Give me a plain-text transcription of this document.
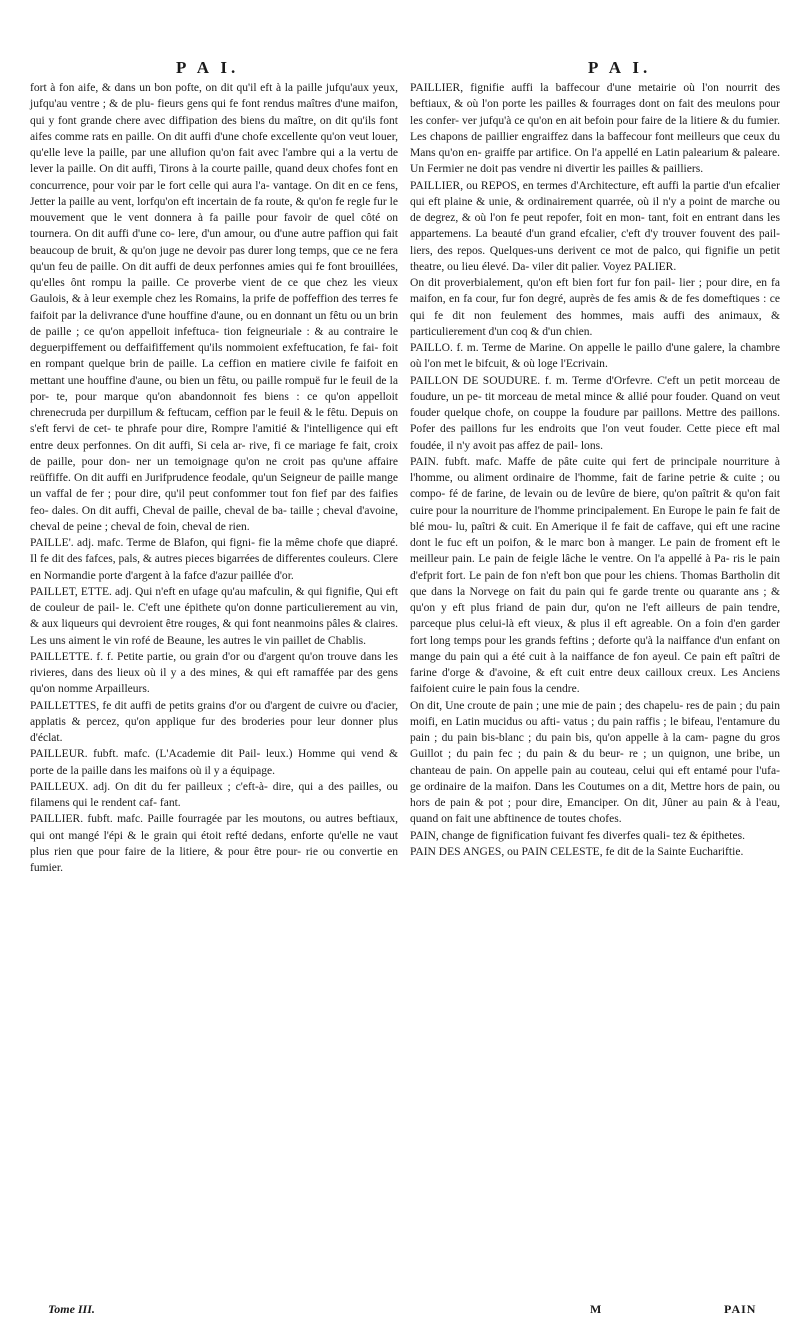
P A I.	P A I.

fort à fon aife, & dans un bon pofte, on dit qu'il eft à la paille jufqu'aux yeux, jufqu'au ventre ; & de plu- fieurs gens qui fe font rendus maîtres d'une maifon, qui y font grande chere avec diffipation des biens du maître, on dit qu'ils font aifes comme rats en paille. On dit auffi d'une chofe excellente qu'on veut louer, qu'elle leve la paille, par une allufion qu'on fait avec l'ambre qui a la vertu de lever la paille. On dit auffi, Tirons à la courte paille, quand deux chofes font en concurrence, pour voir par le fort celle qui aura l'a- vantage. On dit en ce fens, Jetter la paille au vent, lorfqu'on eft incertain de fa route, & qu'on fe regle fur le mouvement que le vent donnera à fa paille pour favoir de quel côté on tournera. On dit auffi d'une co- lere, d'un amour, ou d'une autre paffion qui fait beaucoup de bruit, & qu'on juge ne devoir pas durer long temps, que ce ne fera qu'un feu de paille. On dit auffi de deux perfonnes amies qui fe font brouillées, qu'elles ônt rompu la paille. Ce proverbe vient de ce que chez les vieux Gaulois, & à leur exemple chez les Romains, la prife de poffeffion des terres fe faifoit par la delivrance d'une houffine d'aune, ou en donnant un fêtu ou un brin de paille ; ce qu'on appelloit infeftuca- tion feigneuriale : & au contraire le deguerpiffement ou deffaififfement qu'ils nommoient exfeftucation, fe fai- foit en rompant quelque brin de paille. La ceffion en matiere civile fe faifoit en mettant une houffine d'aune, ou bien un fêtu, ou paille rompuë fur le feuil de la por- te, pour marque qu'on abandonnoit fes biens : ce qu'on appelloit chrenecruda per durpillum & feftucam, ceffion par le feuil & le fêtu. Depuis on s'eft fervi de cet- te phrafe pour dire, Rompre l'amitié & l'intelligence qui eft entre deux perfonnes. On dit auffi, Si cela ar- rive, fi ce mariage fe fait, croix de paille, pour don- ner un temoignage qu'on ne croit pas qu'une affaire reüffiffe. On dit auffi en Jurifprudence feodale, qu'un Seigneur de paille mange un vaffal de fer ; pour dire, qu'il peut confommer tout fon fief par des faifies feo- dales. On dit auffi, Cheval de paille, cheval de ba- taille ; cheval d'avoine, cheval de peine ; cheval de foin, cheval de rien.

PAILLE'. adj. mafc. Terme de Blafon, qui figni- fie la même chofe que diapré. Il fe dit des fafces, pals, & autres pieces bigarrées de differentes couleurs. Clere en Normandie porte d'argent à la fafce d'azur paillée d'or.

PAILLET, ETTE. adj. Qui n'eft en ufage qu'au mafculin, & qui fignifie, Qui eft de couleur de pail- le. C'eft une épithete qu'on donne particulierement au vin, & aux liqueurs qui devroient être rouges, & qui font neanmoins pâles & claires. Les uns aiment le vin rofé de Beaune, les autres le vin paillet de Chablis.

PAILLETTE. f. f. Petite partie, ou grain d'or ou d'argent qu'on trouve dans les rivieres, dans des lieux où il y a des mines, & qui eft ramaffée par des gens qu'on nomme Arpailleurs.

PAILLETTES, fe dit auffi de petits grains d'or ou d'argent de cuivre ou d'acier, applatis & percez, qu'on applique fur des broderies pour leur donner plus d'éclat.

PAILLEUR. fubft. mafc. (L'Academie dit Pail- leux.) Homme qui vend & porte de la paille dans les maifons où il y a équipage.

PAILLEUX. adj. On dit du fer pailleux ; c'eft-à- dire, qui a des pailles, ou filamens qui le rendent caf- fant.

PAILLIER. fubft. mafc. Paille fourragée par les moutons, ou autres beftiaux, qui ont mangé l'épi & le grain qui étoit refté dedans, enforte qu'elle ne vaut plus rien que pour faire de la litiere, & pour être pour- rie ou convertie en fumier.

PAILLIER, fignifie auffi la baffecour d'une metairie où l'on nourrit des beftiaux, & où l'on porte les pailles & fourrages dont on fait des meulons pour les confer- ver jufqu'à ce qu'on en ait befoin pour faire de la litiere & du fumier. Les chapons de paillier engraiffez dans la baffecour font meilleurs que ceux du Mans qu'on en- graiffe par artifice. On l'a appellé en Latin palearium & paleare. Un Fermier ne doit pas vendre ni divertir les pailles & pailliers.

PAILLIER, ou REPOS, en termes d'Architecture, eft auffi la partie d'un efcalier qui eft plaine & unie, & ordinairement quarrée, où il n'y a point de marche ou de degrez, & où l'on fe peut repofer, foit en mon- tant, foit en entrant dans les appartemens. La beauté d'un grand efcalier, c'eft d'y trouver fouvent des pail- liers, des repos. Quelques-uns derivent ce mot de palco, qui fignifie un petit theatre, ou lieu élevé. Da- viler dit palier. Voyez PALIER.

On dit proverbialement, qu'on eft bien fort fur fon pail- lier ; pour dire, en fa maifon, en fa cour, fur fon degré, auprès de fes amis & de fes domeftiques : ce qui fe dit non feulement des hommes, mais auffi des animaux, & particulierement d'un coq & d'un chien.

PAILLO. f. m. Terme de Marine. On appelle le paillo d'une galere, la chambre où l'on met le bifcuit, & où loge l'Ecrivain.

PAILLON DE SOUDURE. f. m. Terme d'Orfevre. C'eft un petit morceau de foudure, un pe- tit morceau de metal mince & allié pour fouder. Quand on veut fouder quelque chofe, on couppe la foudure par paillons. Mettre des paillons. Pofer des paillons fur les endroits que l'on veut fouder. Cette piece eft mal foudée, il n'y avoit pas affez de pail- lons.

PAIN. fubft. mafc. Maffe de pâte cuite qui fert de principale nourriture à l'homme, ou aliment ordinaire de l'homme, fait de farine petrie & cuite ; ou compo- fé de farine, de levain ou de levûre de biere, qu'on paîtrit & qu'on fait cuire pour la nourriture de l'homme principalement. En Europe le pain fe fait de blé mou- lu, paîtri & cuit. En Amerique il fe fait de caffave, qui eft une racine dont le fuc eft un poifon, & le marc bon à manger. Le pain de froment eft le meilleur pain. Le pain de feigle lâche le ventre. On l'a appellé à Pa- ris le pain d'efprit fort. Le pain de fon n'eft bon que pour les chiens. Thomas Bartholin dit que dans la Norvege on fait du pain qui fe garde trente ou quarante ans ; & qu'on y eft plus friand de pain dur, qu'on ne l'eft ailleurs de pain tendre, parceque plus celui-là eft vieux, & plus il eft agreable. On a foin d'en garder fort long temps pour les grands feftins ; deforte qu'à la naiffance d'un enfant on mange du pain qui a été cuit à la naiffance de fon ayeul. Ce pain eft paîtri de farine d'orge & d'avoine, & eft cuit entre deux cailloux creux. Les Anciens faifoient cuire le pain fous la cendre.

On dit, Une croute de pain ; une mie de pain ; des chapelu- res de pain ; du pain moifi, en Latin mucidus ou afti- vatus ; du pain raffis ; le bifeau, l'entamure du pain ; du pain bis-blanc ; du pain bis, qu'on appelle à la cam- pagne du gros Guillot ; du pain fec ; du pain & du beur- re ; un quignon, une bribe, un chanteau de pain. On appelle pain au couteau, celui qui eft entamé pour l'ufa- ge ordinaire de la maifon. Dans les Coutumes on a dit, Mettre hors de pain, ou hors de pain & pot ; pour dire, Emanciper. On dit, Jûner au pain & à l'eau, quand on fait une abftinence de toutes chofes.

PAIN, change de fignification fuivant fes diverfes quali- tez & épithetes.

PAIN DES ANGES, ou PAIN CELESTE, fe dit de la Sainte Euchariftie.

Tome III.	M	PAIN
